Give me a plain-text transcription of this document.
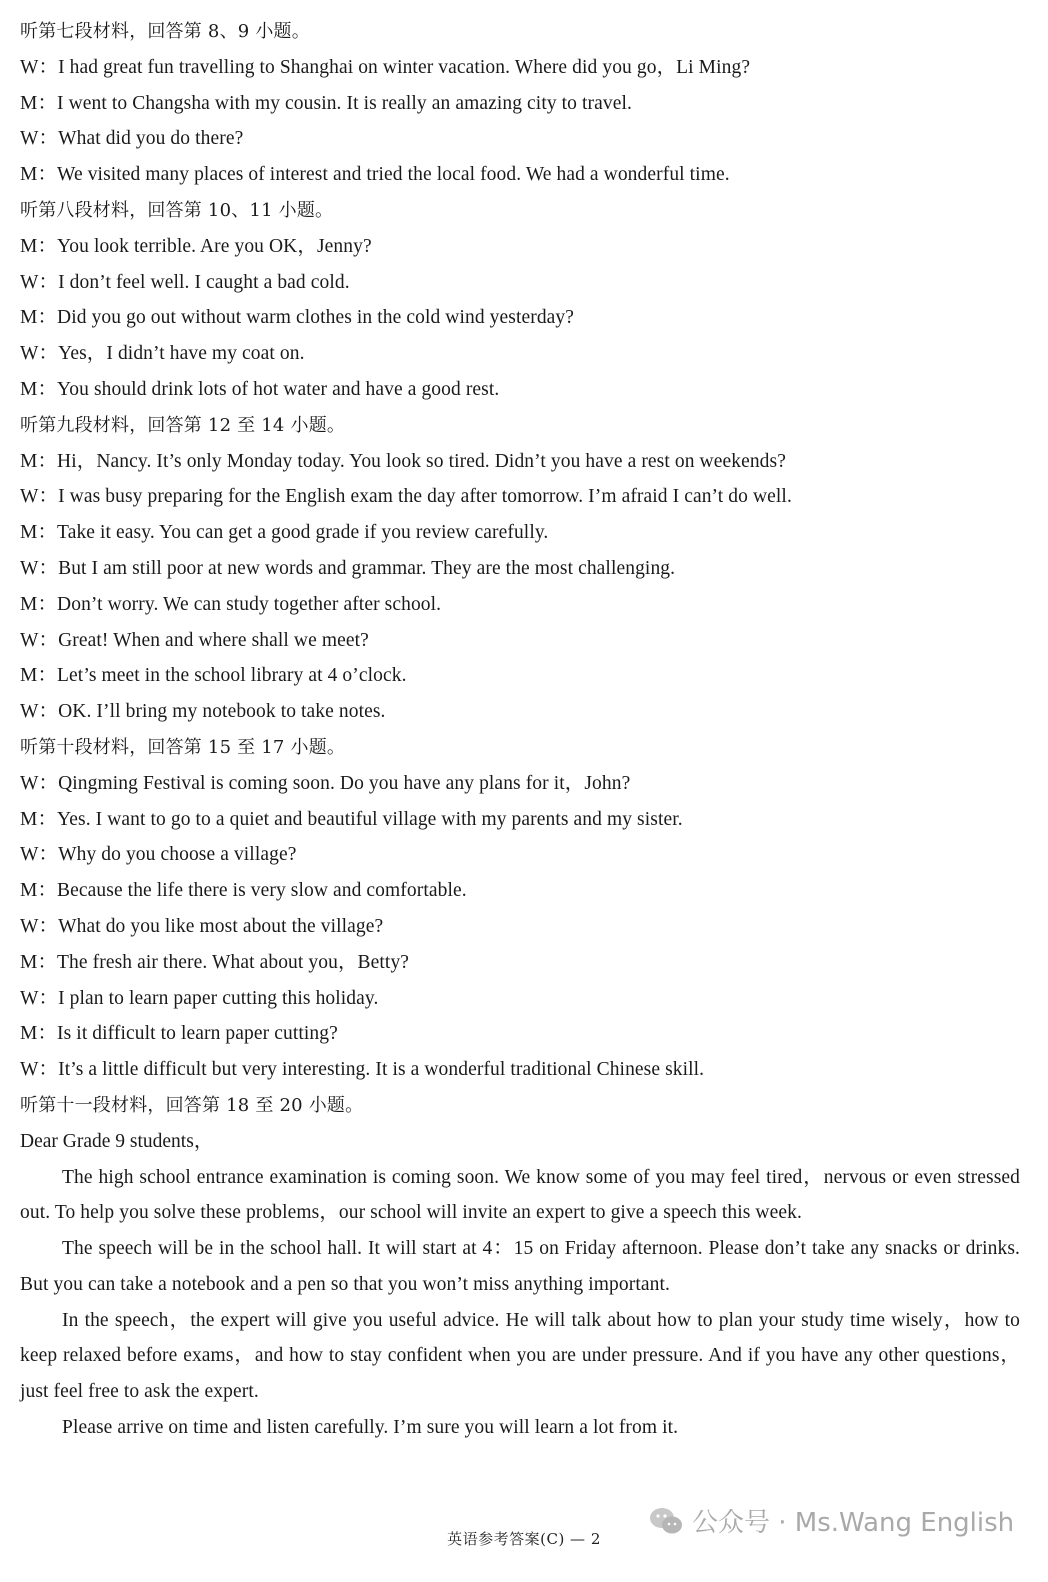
听第七段材料，回答第 8、9 小题。
W：I had great fun travelling to Shanghai on winter vacation. Where did you go，Li Ming?
M：I went to Changsha with my cousin. It is really an amazing city to travel.
W：What did you do there?
M：We visited many places of interest and tried the local food. We had a wonderful time.
听第八段材料，回答第 10、11 小题。
M：You look terrible. Are you OK，Jenny?
W：I don’t feel well. I caught a bad cold.
M：Did you go out without warm clothes in the cold wind yesterday?
W：Yes，I didn’t have my coat on.
M：You should drink lots of hot water and have a good rest.
听第九段材料，回答第 12 至 14 小题。
M：Hi，Nancy. It’s only Monday today. You look so tired. Didn’t you have a rest on weekends?
W：I was busy preparing for the English exam the day after tomorrow. I’m afraid I can’t do well.
M：Take it easy. You can get a good grade if you review carefully.
W：But I am still poor at new words and grammar. They are the most challenging.
M：Don’t worry. We can study together after school.
W：Great! When and where shall we meet?
M：Let’s meet in the school library at 4 o’clock.
W：OK. I’ll bring my notebook to take notes.
听第十段材料，回答第 15 至 17 小题。
W：Qingming Festival is coming soon. Do you have any plans for it，John?
M：Yes. I want to go to a quiet and beautiful village with my parents and my sister.
W：Why do you choose a village?
M：Because the life there is very slow and comfortable.
W：What do you like most about the village?
M：The fresh air there. What about you，Betty?
W：I plan to learn paper cutting this holiday.
M：Is it difficult to learn paper cutting?
W：It’s a little difficult but very interesting. It is a wonderful traditional Chinese skill.
听第十一段材料，回答第 18 至 20 小题。
Dear Grade 9 students，

The high school entrance examination is coming soon. We know some of you may feel tired，nervous or even stressed out. To help you solve these problems，our school will invite an expert to give a speech this week.

The speech will be in the school hall. It will start at 4：15 on Friday afternoon. Please don’t take any snacks or drinks. But you can take a notebook and a pen so that you won’t miss anything important.

In the speech，the expert will give you useful advice. He will talk about how to plan your study time wisely，how to keep relaxed before exams，and how to stay confident when you are under pressure. And if you have any other questions，just feel free to ask the expert.

Please arrive on time and listen carefully. I’m sure you will learn a lot from it.

公众号 · Ms.Wang English
英语参考答案(C) — 2
